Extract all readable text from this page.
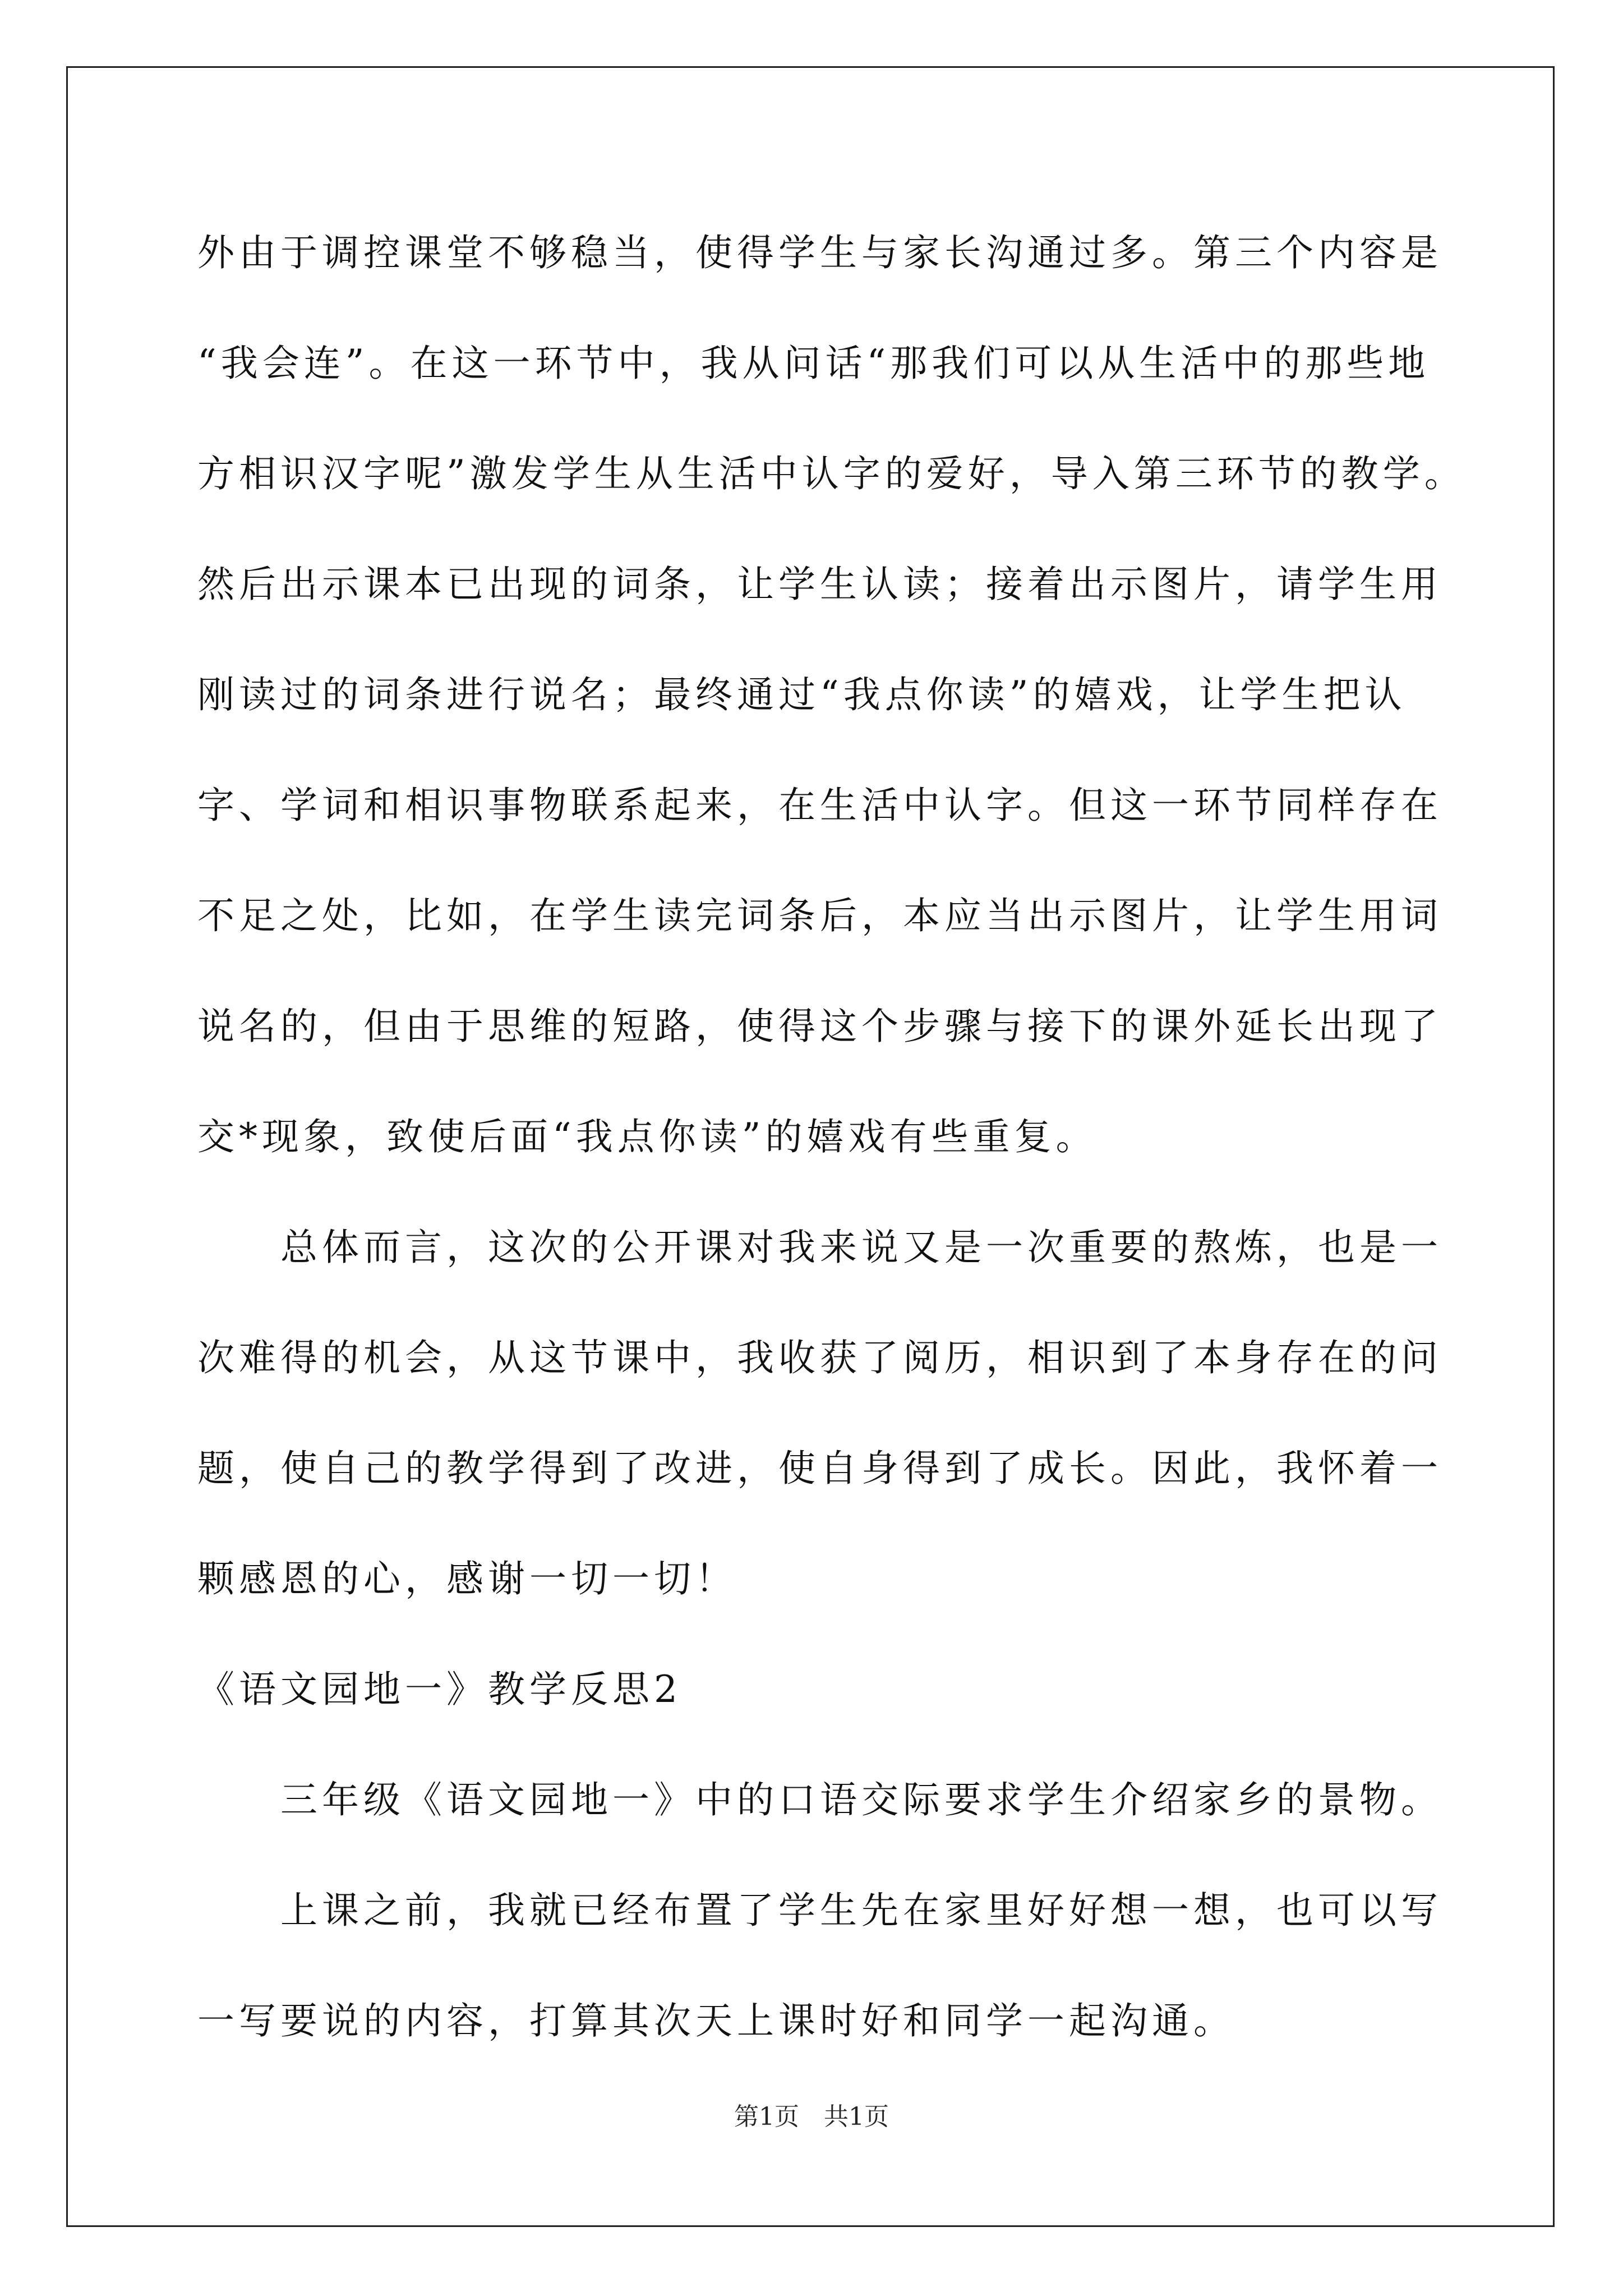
外由于调控课堂不够稳当，使得学生与家长沟通过多。第三个内容是
“我会连”。在这一环节中，我从问话“那我们可以从生活中的那些地
方相识汉字呢”激发学生从生活中认字的爱好，导入第三环节的教学。
然后出示课本已出现的词条，让学生认读；接着出示图片，请学生用
刚读过的词条进行说名；最终通过“我点你读”的嬉戏，让学生把认
字、学词和相识事物联系起来，在生活中认字。但这一环节同样存在
不足之处，比如，在学生读完词条后，本应当出示图片，让学生用词
说名的，但由于思维的短路，使得这个步骤与接下的课外延长出现了
交*现象，致使后面“我点你读”的嬉戏有些重复。
总体而言，这次的公开课对我来说又是一次重要的熬炼，也是一
次难得的机会，从这节课中，我收获了阅历，相识到了本身存在的问
题，使自己的教学得到了改进，使自身得到了成长。因此，我怀着一
颗感恩的心，感谢一切一切！
《语文园地一》教学反思2
三年级《语文园地一》中的口语交际要求学生介绍家乡的景物。
上课之前，我就已经布置了学生先在家里好好想一想，也可以写
一写要说的内容，打算其次天上课时好和同学一起沟通。
第1页　共1页
